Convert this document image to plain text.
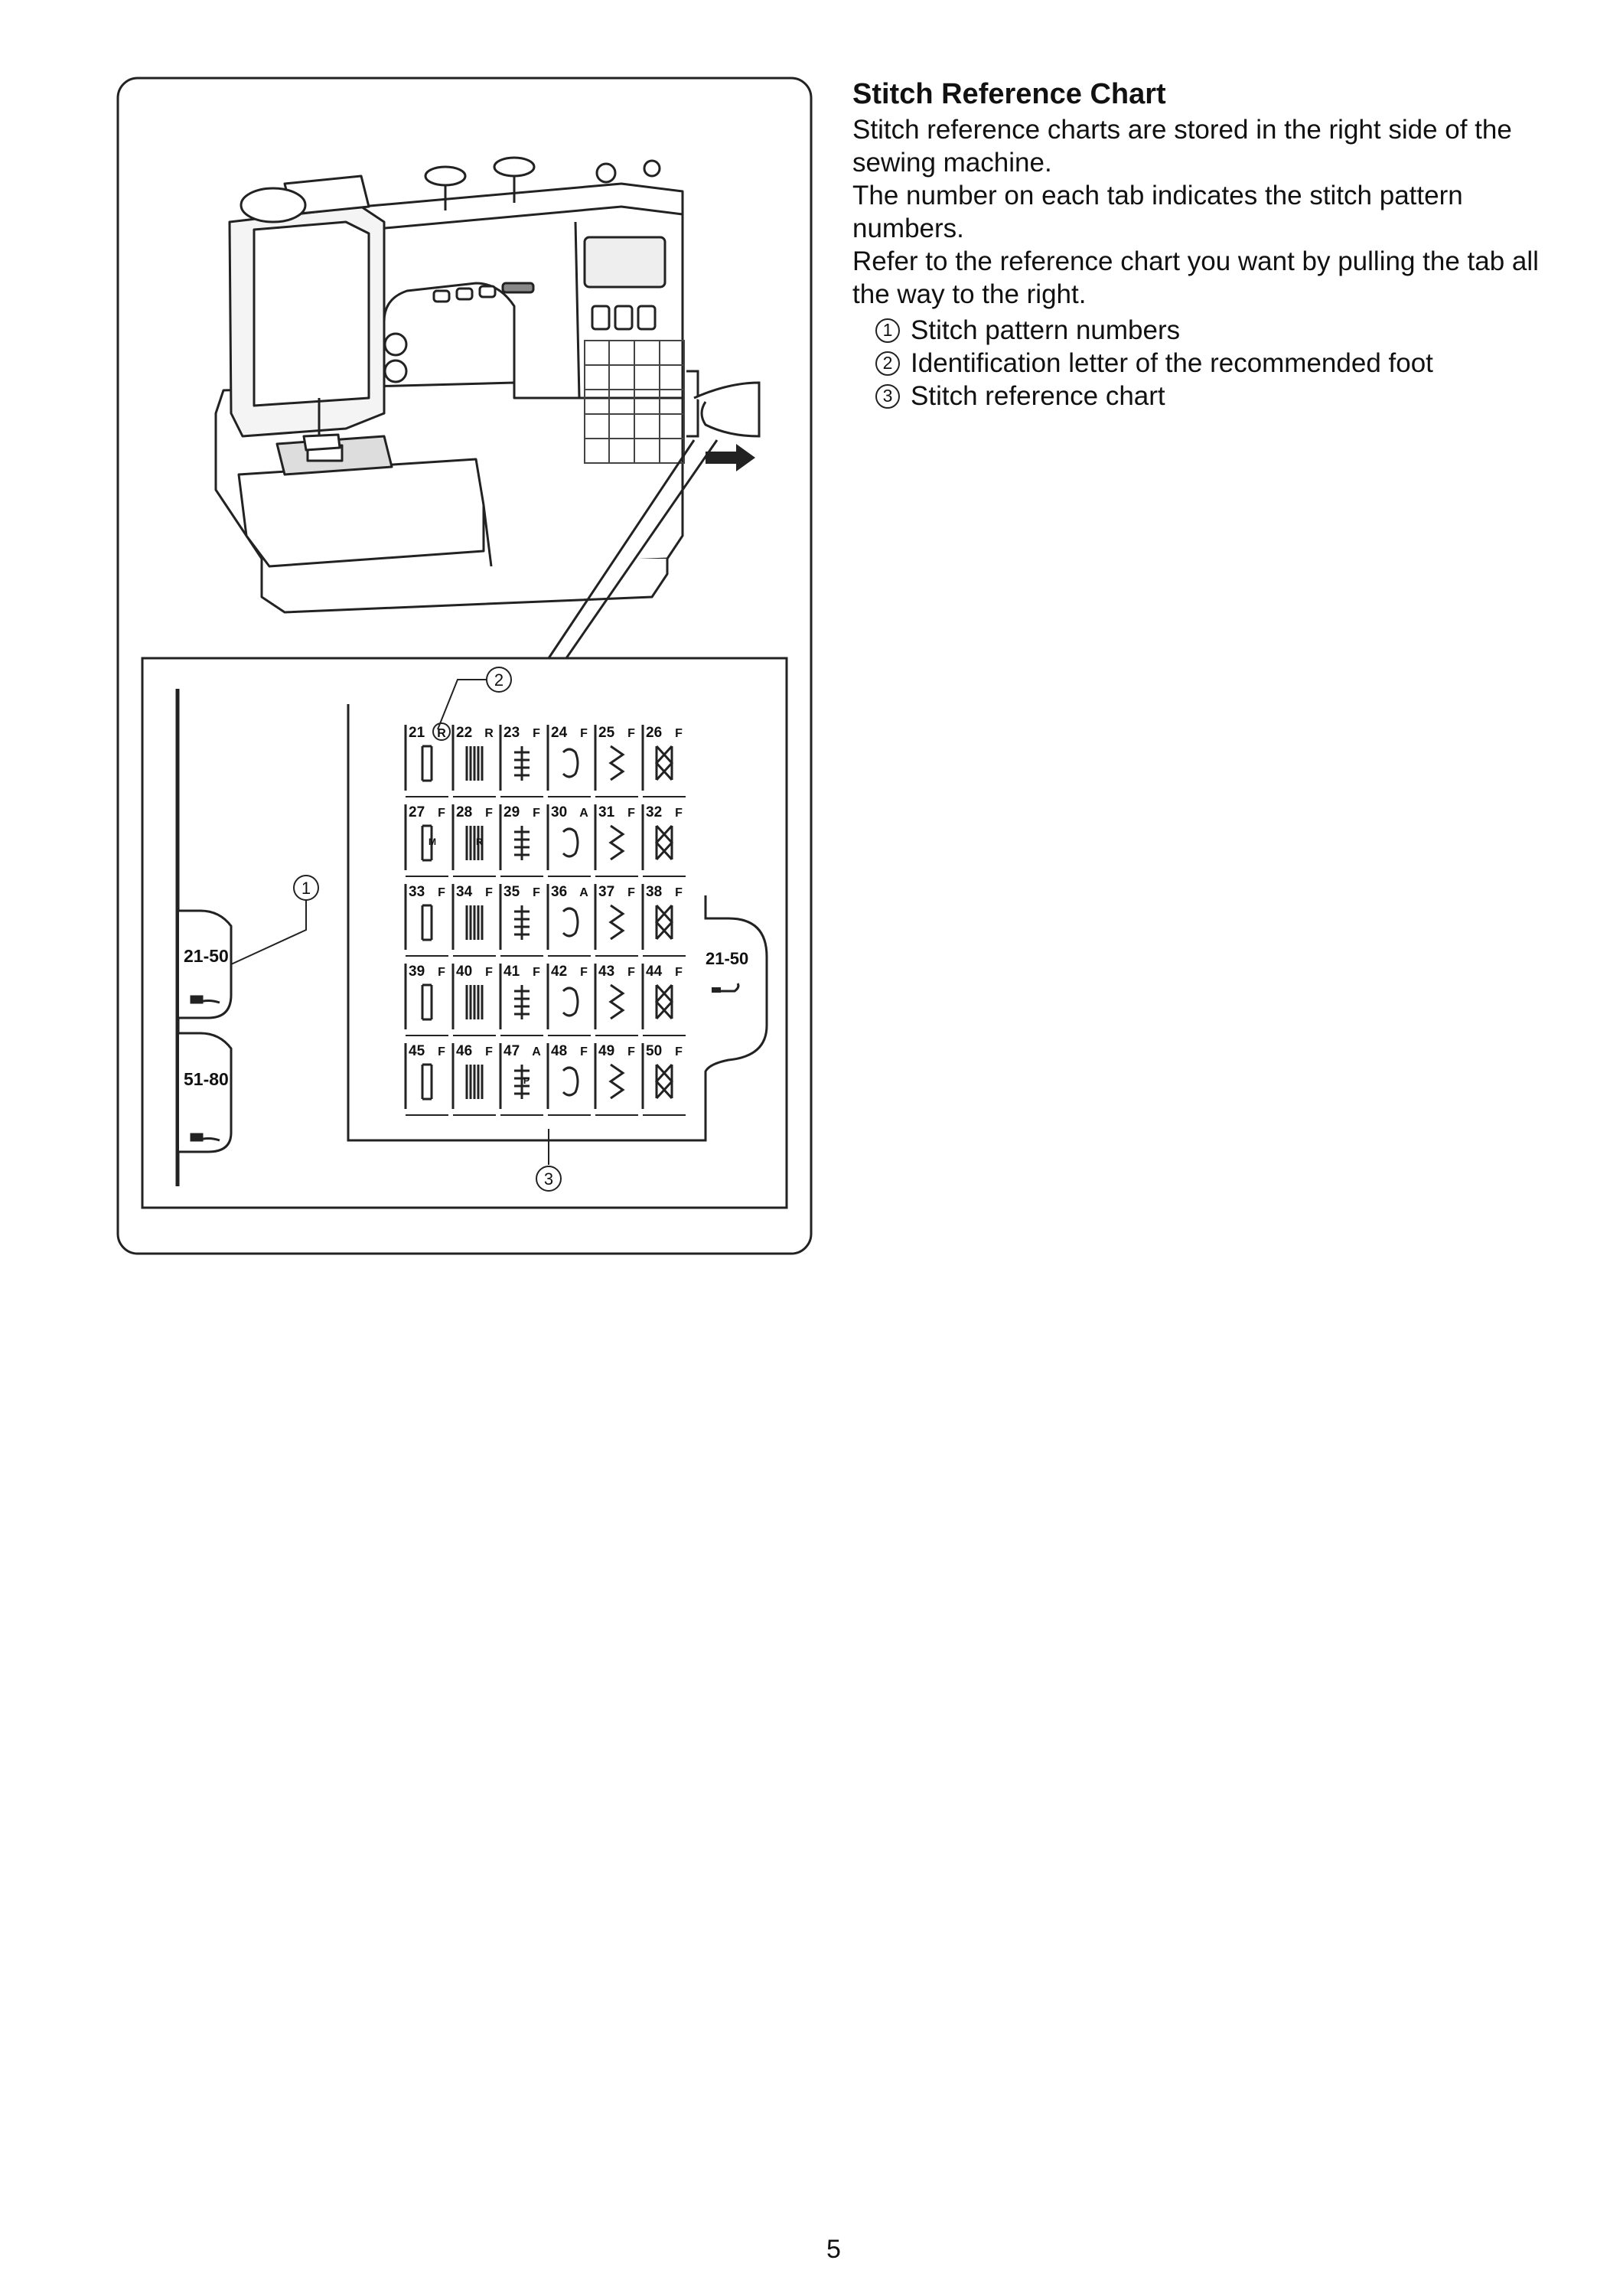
21-50
51-80
1
2
21-50
21 R 22 R 23 F 24 F 25 F 26 F
27 F 28 F 29 F 30 A 31 F 32 F
33 F 34 F 35 F 36 A 37 F 38 F
39 F 40 F 41 F 42 F 43 F 44 F
45 F 46 F 47 A 48 F 49 F 50 F
M	R
P
3
Stitch Reference Chart

Stitch reference charts are stored in the right side of the sewing machine.

The number on each tab indicates the stitch pattern numbers.

Refer to the reference chart you want by pulling the tab all the way to the right.

1 Stitch pattern numbers
2 Identification letter of the recommended foot
3 Stitch reference chart
5
